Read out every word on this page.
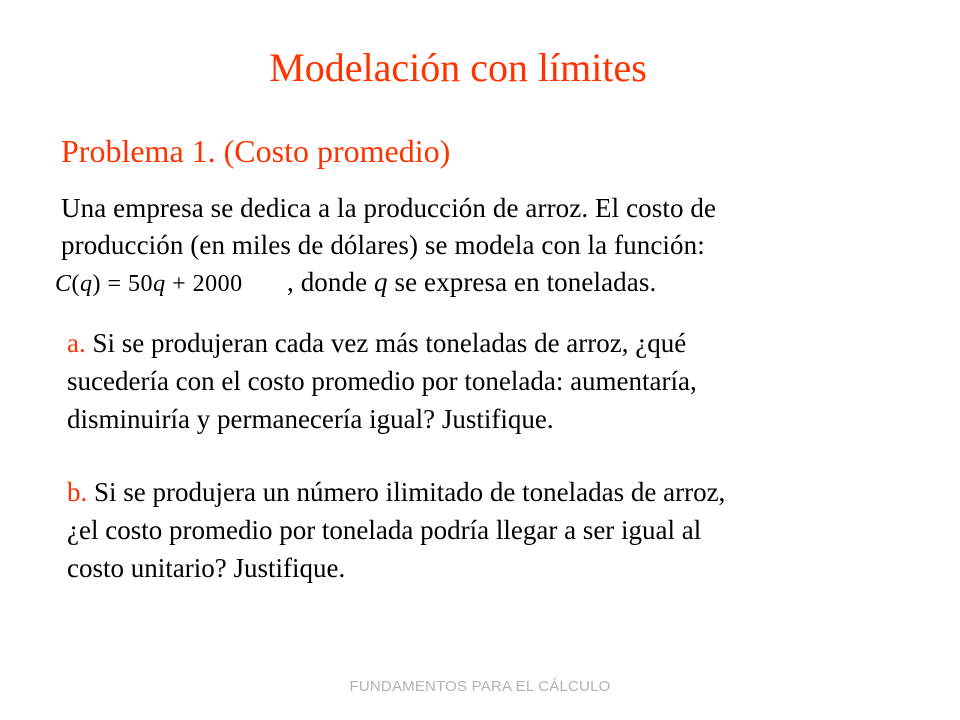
Modelación con límites
Problema 1. (Costo promedio)
Una empresa se dedica a la producción de arroz. El costo de
producción (en miles de dólares) se modela con la función:
C(q) = 50q + 2000 , donde q se expresa en toneladas.
a. Si se produjeran cada vez más toneladas de arroz, ¿qué
sucedería con el costo promedio por tonelada: aumentaría,
disminuiría y permanecería igual? Justifique.
b. Si se produjera un número ilimitado de toneladas de arroz,
¿el costo promedio por tonelada podría llegar a ser igual al
costo unitario? Justifique.
FUNDAMENTOS PARA EL CÁLCULO
